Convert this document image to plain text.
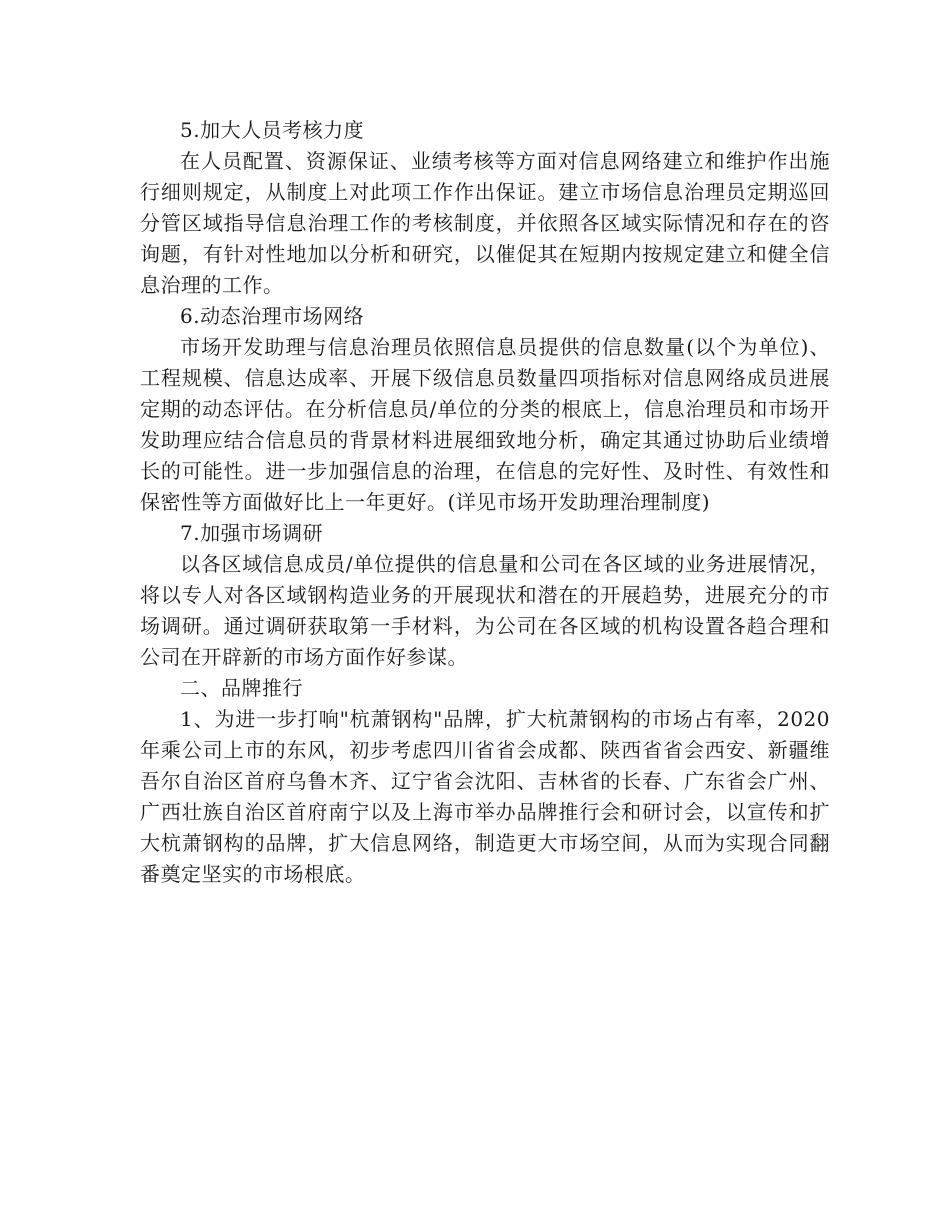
5.加大人员考核力度

在人员配置、资源保证、业绩考核等方面对信息网络建立和维护作出施行细则规定，从制度上对此项工作作出保证。建立市场信息治理员定期巡回分管区域指导信息治理工作的考核制度，并依照各区域实际情况和存在的咨询题，有针对性地加以分析和研究，以催促其在短期内按规定建立和健全信息治理的工作。

6.动态治理市场网络

市场开发助理与信息治理员依照信息员提供的信息数量(以个为单位)、工程规模、信息达成率、开展下级信息员数量四项指标对信息网络成员进展定期的动态评估。在分析信息员/单位的分类的根底上，信息治理员和市场开发助理应结合信息员的背景材料进展细致地分析，确定其通过协助后业绩增长的可能性。进一步加强信息的治理，在信息的完好性、及时性、有效性和保密性等方面做好比上一年更好。(详见市场开发助理治理制度)

7.加强市场调研

以各区域信息成员/单位提供的信息量和公司在各区域的业务进展情况，将以专人对各区域钢构造业务的开展现状和潜在的开展趋势，进展充分的市场调研。通过调研获取第一手材料，为公司在各区域的机构设置各趋合理和公司在开辟新的市场方面作好参谋。

二、品牌推行

1、为进一步打响"杭萧钢构"品牌，扩大杭萧钢构的市场占有率，2020年乘公司上市的东风，初步考虑四川省省会成都、陕西省省会西安、新疆维吾尔自治区首府乌鲁木齐、辽宁省会沈阳、吉林省的长春、广东省会广州、广西壮族自治区首府南宁以及上海市举办品牌推行会和研讨会，以宣传和扩大杭萧钢构的品牌，扩大信息网络，制造更大市场空间，从而为实现合同翻番奠定坚实的市场根底。
